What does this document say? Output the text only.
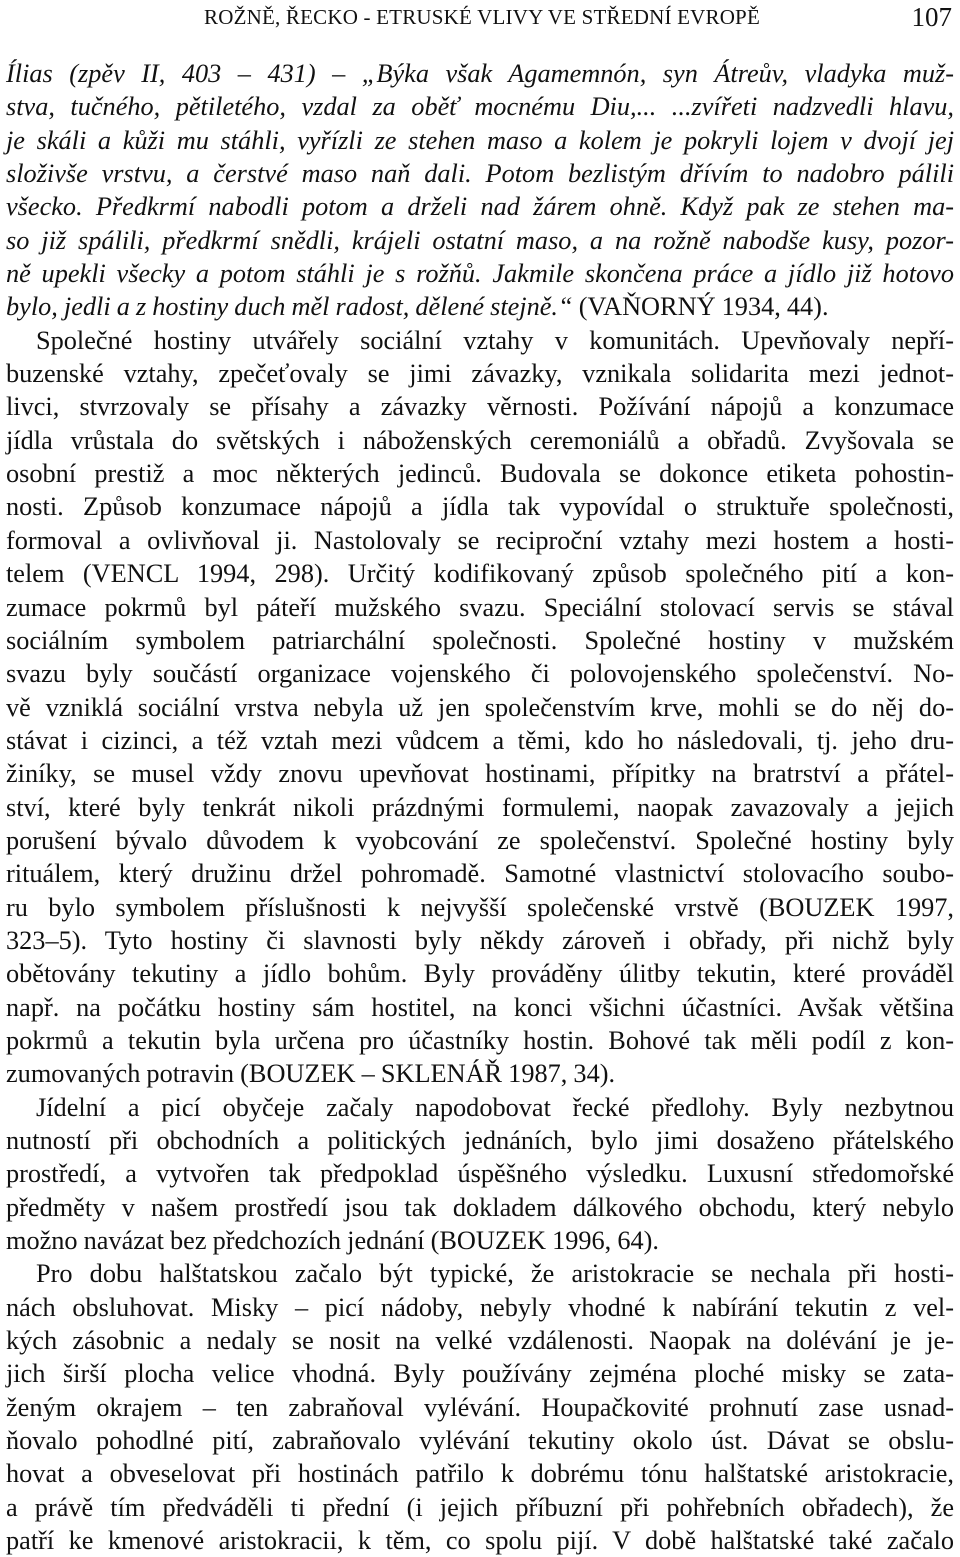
ROŽNĚ, ŘECKO - ETRUSKÉ VLIVY VE STŘEDNÍ EVROPĚ	107
Ílias (zpěv II, 403 – 431) – „Býka však Agamemnón, syn Átreův, vladyka muž-
stva, tučného, pětiletého, vzdal za oběť mocnému Diu,... ...zvířeti nadzvedli hlavu,
je skáli a kůži mu stáhli, vyřízli ze stehen maso a kolem je pokryli lojem v dvojí jej
složivše vrstvu, a čerstvé maso naň dali. Potom bezlistým dřívím to nadobro pálili
všecko. Předkrmí nabodli potom a drželi nad žárem ohně. Když pak ze stehen ma-
so již spálili, předkrmí snědli, krájeli ostatní maso, a na rožně nabodše kusy, pozor-
ně upekli všecky a potom stáhli je s rožňů. Jakmile skončena práce a jídlo již hotovo
bylo, jedli a z hostiny duch měl radost, dělené stejně.“ (VAŇORNÝ 1934, 44).
Společné hostiny utvářely sociální vztahy v komunitách. Upevňovaly nepří-
buzenské vztahy, zpečeťovaly se jimi závazky, vznikala solidarita mezi jednot-
livci, stvrzovaly se přísahy a závazky věrnosti. Požívání nápojů a konzumace
jídla vrůstala do světských i náboženských ceremoniálů a obřadů. Zvyšovala se
osobní prestiž a moc některých jedinců. Budovala se dokonce etiketa pohostin-
nosti. Způsob konzumace nápojů a jídla tak vypovídal o struktuře společnosti,
formoval a ovlivňoval ji. Nastolovaly se reciproční vztahy mezi hostem a hosti-
telem (VENCL 1994, 298). Určitý kodifikovaný způsob společného pití a kon-
zumace pokrmů byl páteří mužského svazu. Speciální stolovací servis se stával
sociálním symbolem patriarchální společnosti. Společné hostiny v mužském
svazu byly součástí organizace vojenského či polovojenského společenství. No-
vě vzniklá sociální vrstva nebyla už jen společenstvím krve, mohli se do něj do-
stávat i cizinci, a též vztah mezi vůdcem a těmi, kdo ho následovali, tj. jeho dru-
žiníky, se musel vždy znovu upevňovat hostinami, přípitky na bratrství a přátel-
ství, které byly tenkrát nikoli prázdnými formulemi, naopak zavazovaly a jejich
porušení bývalo důvodem k vyobcování ze společenství. Společné hostiny byly
rituálem, který družinu držel pohromadě. Samotné vlastnictví stolovacího soubo-
ru bylo symbolem příslušnosti k nejvyšší společenské vrstvě (BOUZEK 1997,
323–5). Tyto hostiny či slavnosti byly někdy zároveň i obřady, při nichž byly
obětovány tekutiny a jídlo bohům. Byly prováděny úlitby tekutin, které prováděl
např. na počátku hostiny sám hostitel, na konci všichni účastníci. Avšak většina
pokrmů a tekutin byla určena pro účastníky hostin. Bohové tak měli podíl z kon-
zumovaných potravin (BOUZEK – SKLENÁŘ 1987, 34).
Jídelní a picí obyčeje začaly napodobovat řecké předlohy. Byly nezbytnou
nutností při obchodních a politických jednáních, bylo jimi dosaženo přátelského
prostředí, a vytvořen tak předpoklad úspěšného výsledku. Luxusní středomořské
předměty v našem prostředí jsou tak dokladem dálkového obchodu, který nebylo
možno navázat bez předchozích jednání (BOUZEK 1996, 64).
Pro dobu halštatskou začalo být typické, že aristokracie se nechala při hosti-
nách obsluhovat. Misky – picí nádoby, nebyly vhodné k nabírání tekutin z vel-
kých zásobnic a nedaly se nosit na velké vzdálenosti. Naopak na dolévání je je-
jich širší plocha velice vhodná. Byly používány zejména ploché misky se zata-
ženým okrajem – ten zabraňoval vylévání. Houpačkovité prohnutí zase usnad-
ňovalo pohodlné pití, zabraňovalo vylévání tekutiny okolo úst. Dávat se obslu-
hovat a obveselovat při hostinách patřilo k dobrému tónu halštatské aristokracie,
a právě tím předváděli ti přední (i jejich příbuzní při pohřebních obřadech), že
patří ke kmenové aristokracii, k těm, co spolu pijí. V době halštatské také začalo
